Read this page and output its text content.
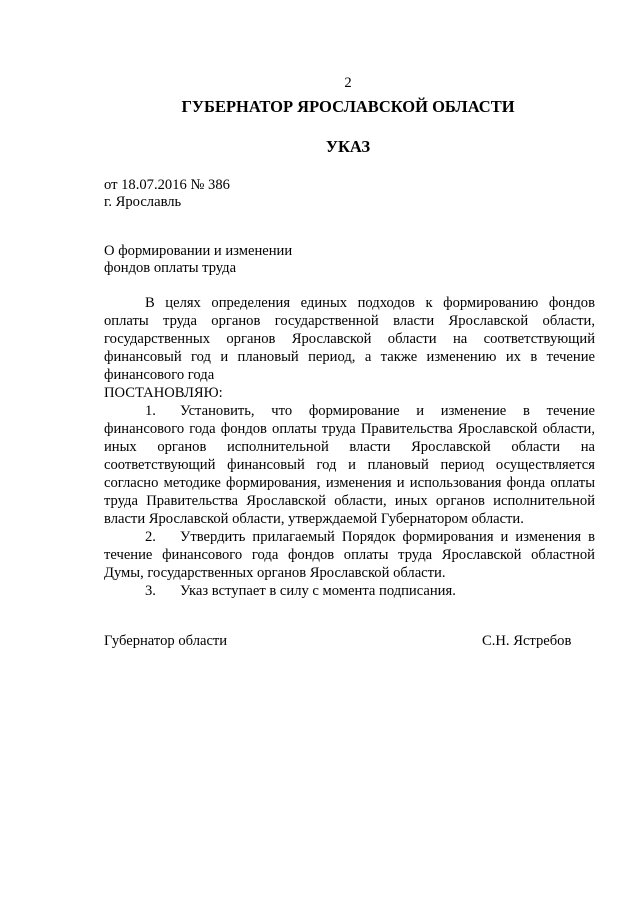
2
ГУБЕРНАТОР ЯРОСЛАВСКОЙ ОБЛАСТИ
УКАЗ
от 18.07.2016 № 386
г. Ярославль
О формировании и изменении
фондов оплаты труда

В целях определения единых подходов к формированию фондов оплаты труда органов государственной власти Ярославской области, государственных органов Ярославской области на соответствующий финансовый год и плановый период, а также изменению их в течение финансового года

ПОСТАНОВЛЯЮ:

1. Установить, что формирование и изменение в течение финансового года фондов оплаты труда Правительства Ярославской области, иных органов исполнительной власти Ярославской области на соответствующий финансовый год и плановый период осуществляется согласно методике формирования, изменения и использования фонда оплаты труда Правительства Ярославской области, иных органов исполнительной власти Ярославской области, утверждаемой Губернатором области.

2. Утвердить прилагаемый Порядок формирования и изменения в течение финансового года фондов оплаты труда Ярославской областной Думы, государственных органов Ярославской области.

3. Указ вступает в силу с момента подписания.

Губернатор области	С.Н. Ястребов
